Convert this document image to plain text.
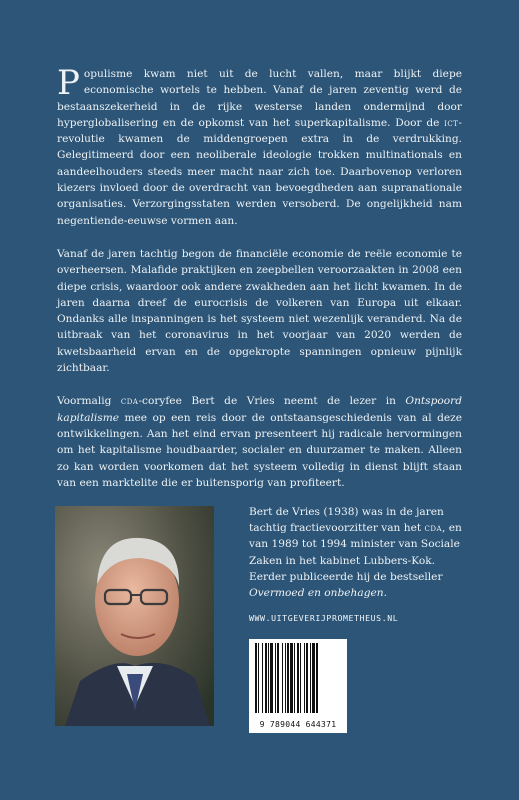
Populisme kwam niet uit de lucht vallen, maar blijkt diepe economische wortels te hebben. Vanaf de jaren zeventig werd de bestaanszekerheid in de rijke westerse landen ondermijnd door hyperglobalisering en de opkomst van het superkapitalisme. Door de ict-revolutie kwamen de middengroepen extra in de verdrukking. Gelegitimeerd door een neoliberale ideologie trokken multinationals en aandeelhouders steeds meer macht naar zich toe. Daarbovenop verloren kiezers invloed door de overdracht van bevoegdheden aan supranationale organisaties. Verzorgingsstaten werden versoberd. De ongelijkheid nam negentiende-eeuwse vormen aan.

Vanaf de jaren tachtig begon de financiële economie de reële economie te overheersen. Malafide praktijken en zeepbellen veroorzaakten in 2008 een diepe crisis, waardoor ook andere zwakheden aan het licht kwamen. In de jaren daarna dreef de eurocrisis de volkeren van Europa uit elkaar. Ondanks alle inspanningen is het systeem niet wezenlijk veranderd. Na de uitbraak van het coronavirus in het voorjaar van 2020 werden de kwetsbaarheid ervan en de opgekropte spanningen opnieuw pijnlijk zichtbaar.

Voormalig cda-coryfee Bert de Vries neemt de lezer in Ontspoord kapitalisme mee op een reis door de ontstaansgeschiedenis van al deze ontwikkelingen. Aan het eind ervan presenteert hij radicale hervormingen om het kapitalisme houdbaarder, socialer en duurzamer te maken. Alleen zo kan worden voorkomen dat het systeem volledig in dienst blijft staan van een marktelite die er buitensporig van profiteert.

Bert de Vries (1938) was in de jaren tachtig fractievoorzitter van het cda, en van 1989 tot 1994 minister van Sociale Zaken in het kabinet Lubbers-Kok. Eerder publiceerde hij de bestseller Overmoed en onbehagen.
WWW.UITGEVERIJPROMETHEUS.NL
9 789044 644371
